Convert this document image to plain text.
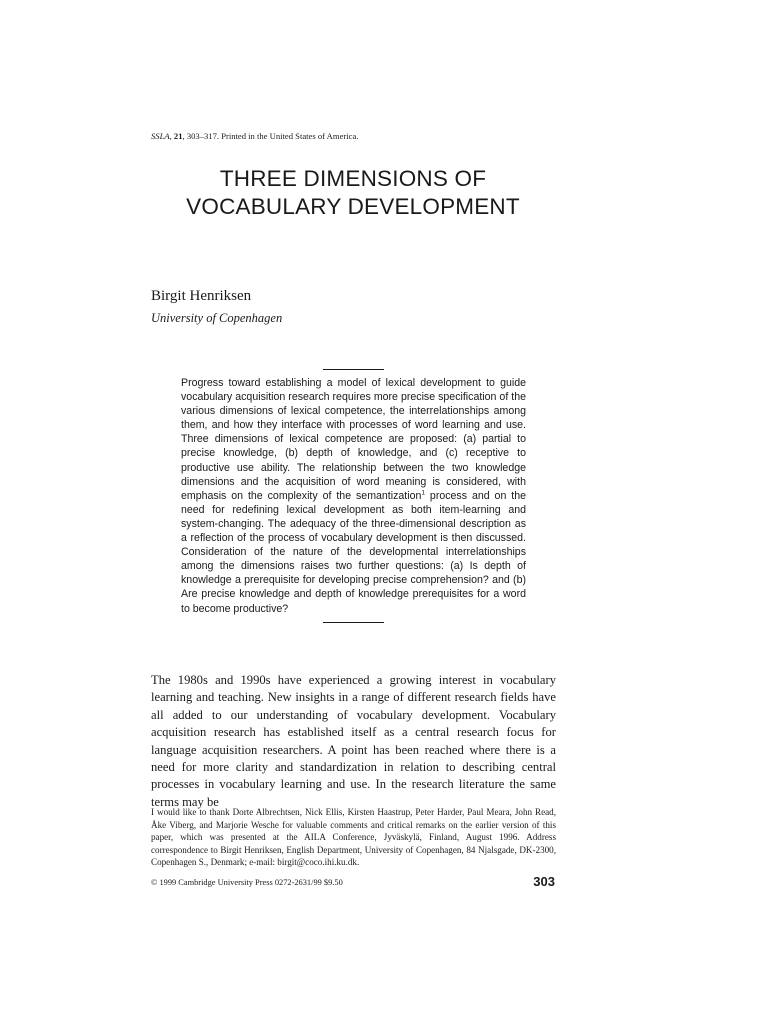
SSLA, 21, 303–317. Printed in the United States of America.
THREE DIMENSIONS OF
VOCABULARY DEVELOPMENT
Birgit Henriksen
University of Copenhagen
Progress toward establishing a model of lexical development to guide vocabulary acquisition research requires more precise specification of the various dimensions of lexical competence, the interrelationships among them, and how they interface with processes of word learning and use. Three dimensions of lexical competence are proposed: (a) partial to precise knowledge, (b) depth of knowledge, and (c) receptive to productive use ability. The relationship between the two knowledge dimensions and the acquisition of word meaning is considered, with emphasis on the complexity of the semantization$^1$ process and on the need for redefining lexical development as both item-learning and system-changing. The adequacy of the three-dimensional description as a reflection of the process of vocabulary development is then discussed. Consideration of the nature of the developmental interrelationships among the dimensions raises two further questions: (a) Is depth of knowledge a prerequisite for developing precise comprehension? and (b) Are precise knowledge and depth of knowledge prerequisites for a word to become productive?
The 1980s and 1990s have experienced a growing interest in vocabulary learning and teaching. New insights in a range of different research fields have all added to our understanding of vocabulary development. Vocabulary acquisition research has established itself as a central research focus for language acquisition researchers. A point has been reached where there is a need for more clarity and standardization in relation to describing central processes in vocabulary learning and use. In the research literature the same terms may be
I would like to thank Dorte Albrechtsen, Nick Ellis, Kirsten Haastrup, Peter Harder, Paul Meara, John Read, Åke Viberg, and Marjorie Wesche for valuable comments and critical remarks on the earlier version of this paper, which was presented at the AILA Conference, Jyväskylä, Finland, August 1996. Address correspondence to Birgit Henriksen, English Department, University of Copenhagen, 84 Njalsgade, DK-2300, Copenhagen S., Denmark; e-mail: birgit@coco.ihi.ku.dk.
© 1999 Cambridge University Press 0272-2631/99 $9.50	303
